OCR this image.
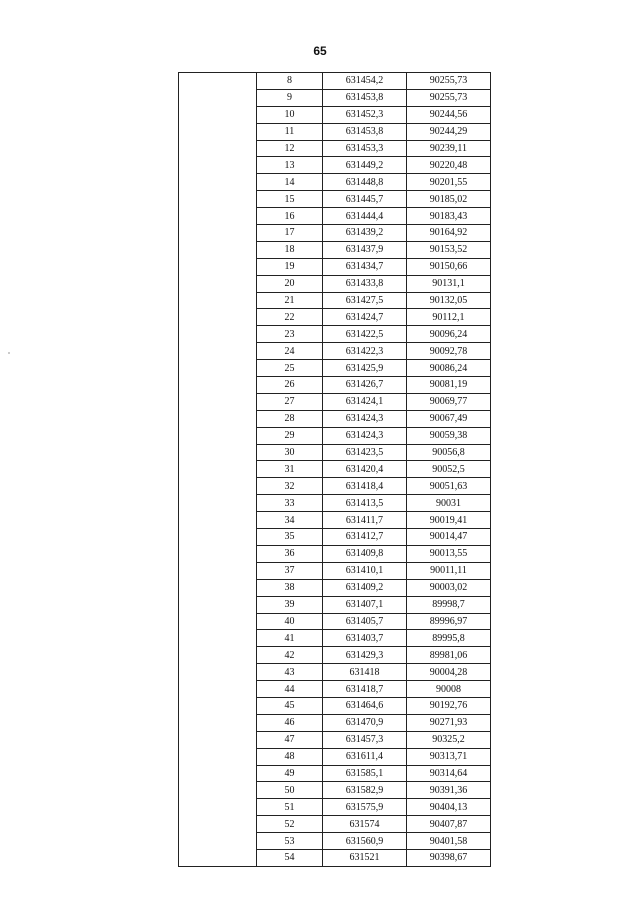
65
	8	631454,2	90255,73
	9	631453,8	90255,73
	10	631452,3	90244,56
	11	631453,8	90244,29
	12	631453,3	90239,11
	13	631449,2	90220,48
	14	631448,8	90201,55
	15	631445,7	90185,02
	16	631444,4	90183,43
	17	631439,2	90164,92
	18	631437,9	90153,52
	19	631434,7	90150,66
	20	631433,8	90131,1
	21	631427,5	90132,05
	22	631424,7	90112,1
	23	631422,5	90096,24
	24	631422,3	90092,78
	25	631425,9	90086,24
	26	631426,7	90081,19
	27	631424,1	90069,77
	28	631424,3	90067,49
	29	631424,3	90059,38
	30	631423,5	90056,8
	31	631420,4	90052,5
	32	631418,4	90051,63
	33	631413,5	90031
	34	631411,7	90019,41
	35	631412,7	90014,47
	36	631409,8	90013,55
	37	631410,1	90011,11
	38	631409,2	90003,02
	39	631407,1	89998,7
	40	631405,7	89996,97
	41	631403,7	89995,8
	42	631429,3	89981,06
	43	631418	90004,28
	44	631418,7	90008
	45	631464,6	90192,76
	46	631470,9	90271,93
	47	631457,3	90325,2
	48	631611,4	90313,71
	49	631585,1	90314,64
	50	631582,9	90391,36
	51	631575,9	90404,13
	52	631574	90407,87
	53	631560,9	90401,58
	54	631521	90398,67
